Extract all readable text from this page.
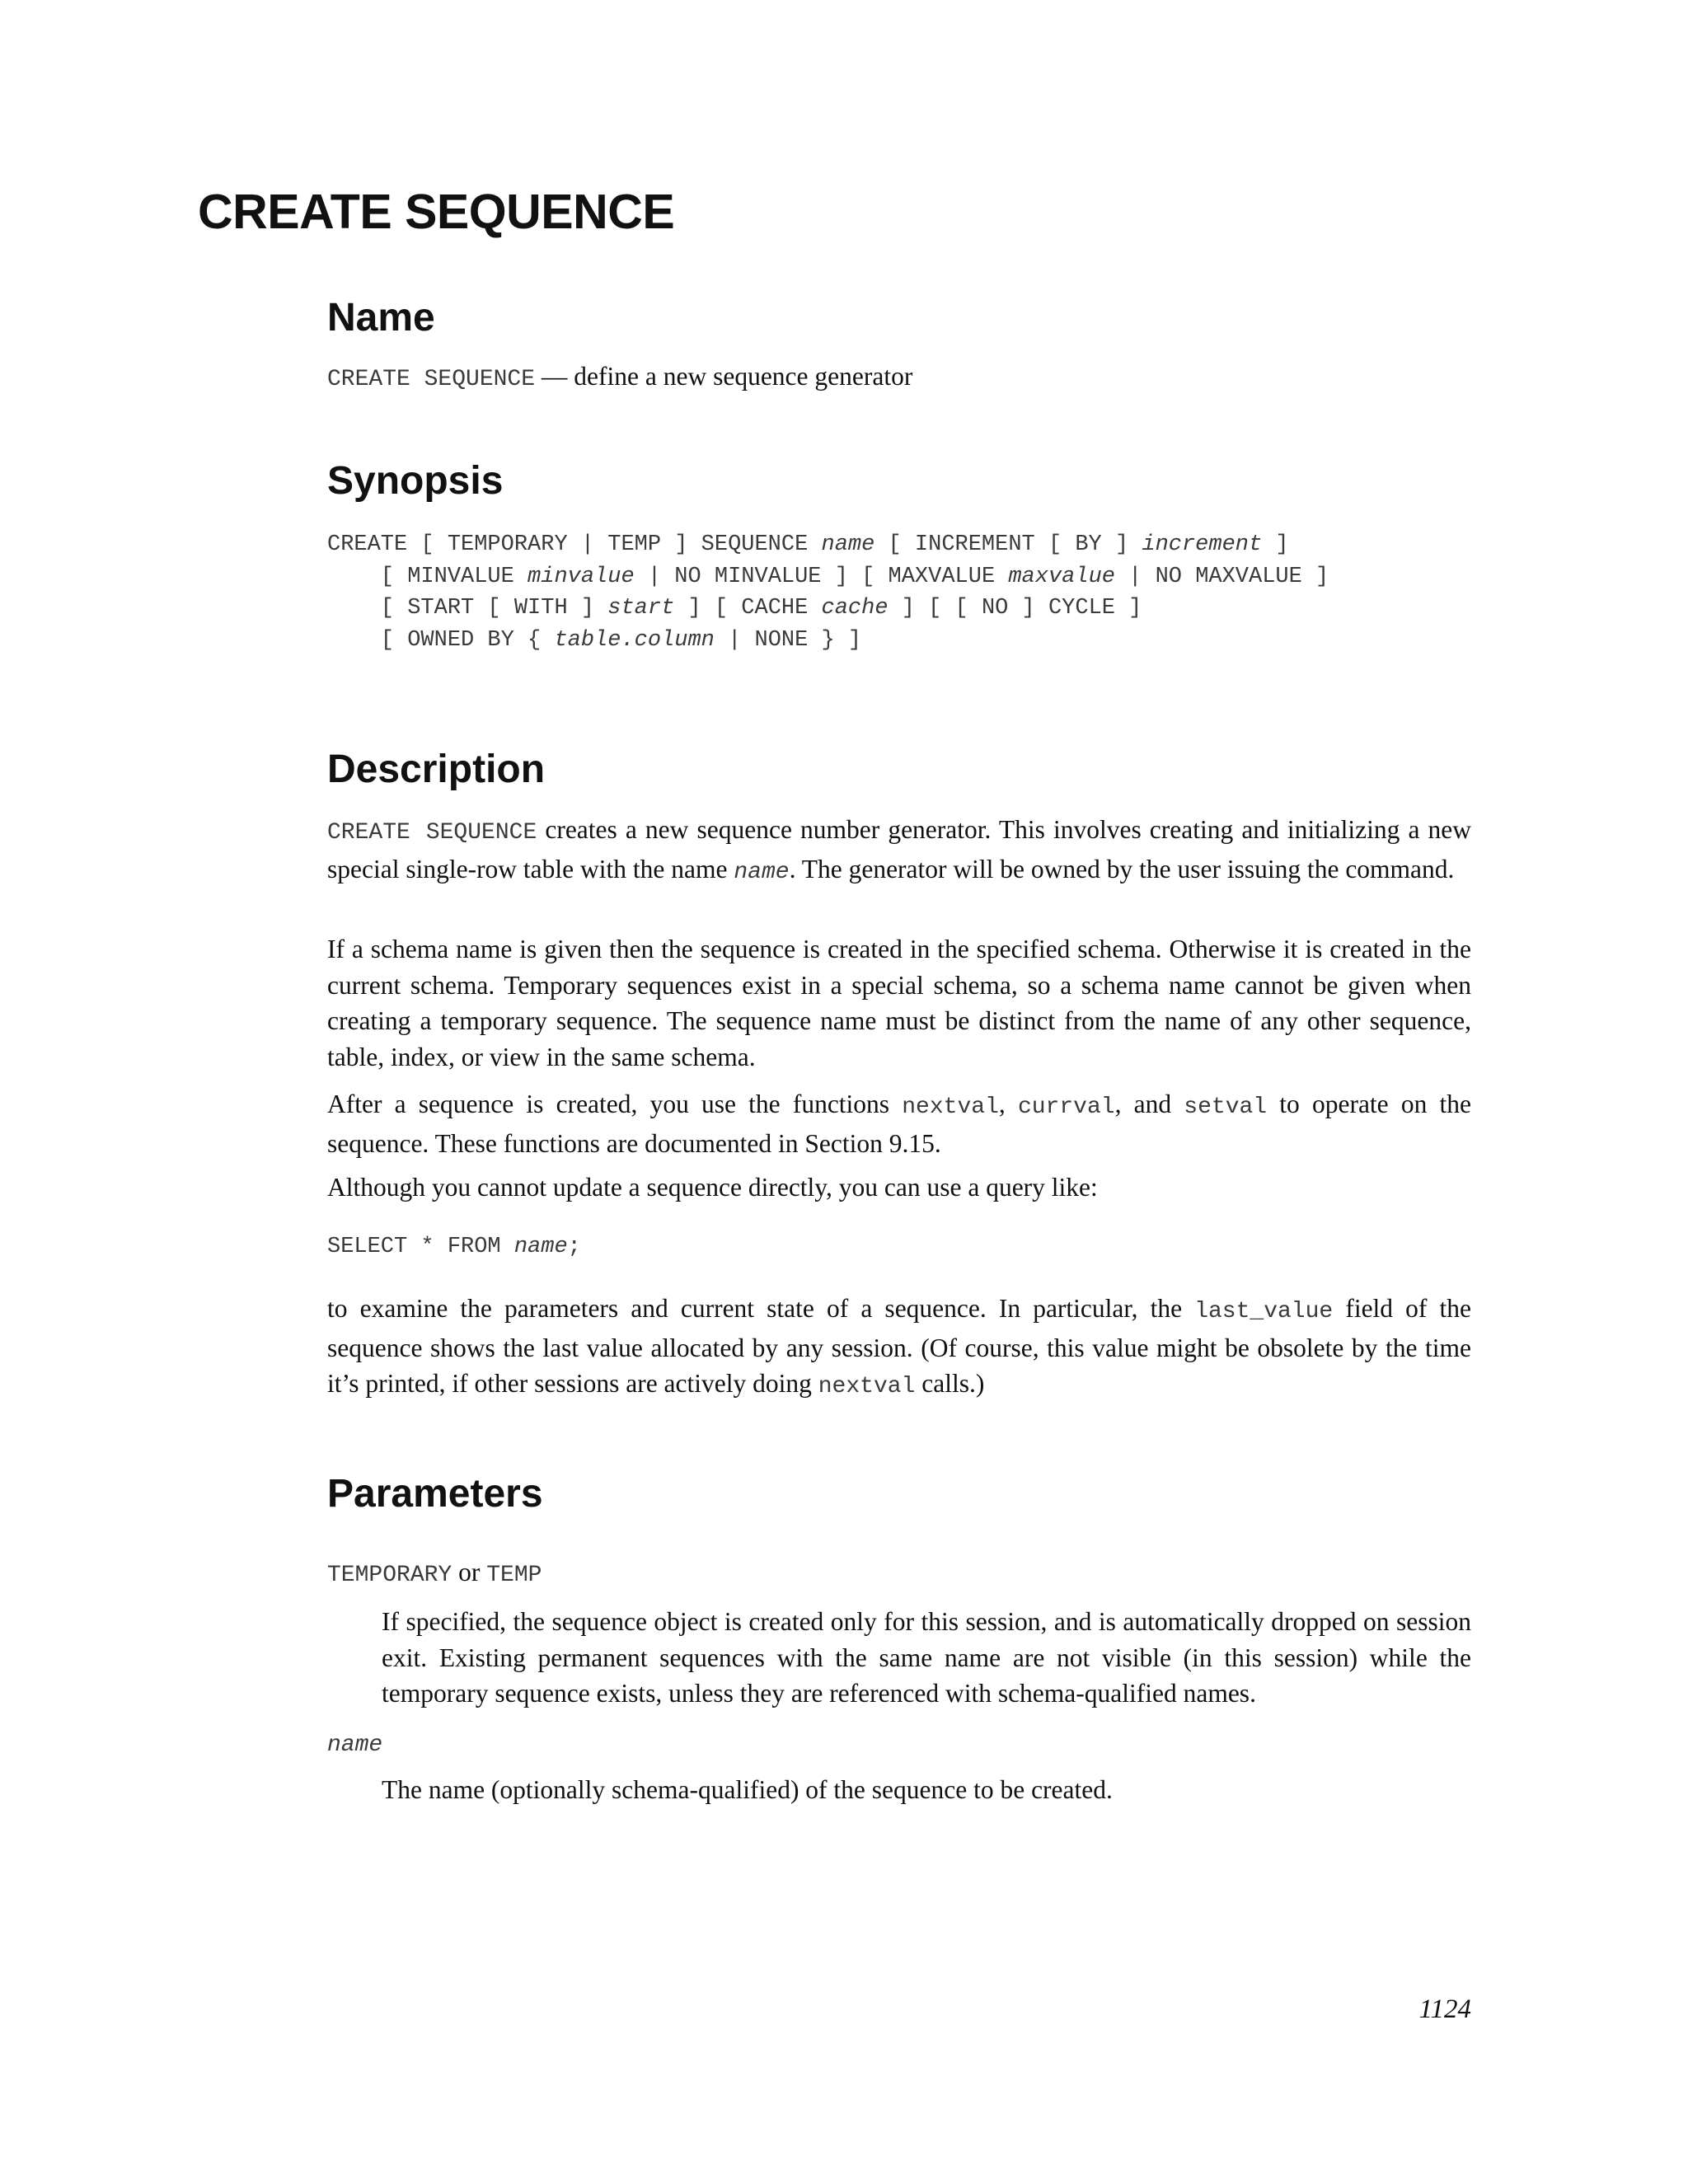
CREATE SEQUENCE
Name

CREATE SEQUENCE — define a new sequence generator

Synopsis
CREATE [ TEMPORARY | TEMP ] SEQUENCE name [ INCREMENT [ BY ] increment ]
[ MINVALUE minvalue | NO MINVALUE ] [ MAXVALUE maxvalue | NO MAXVALUE ]
[ START [ WITH ] start ] [ CACHE cache ] [ [ NO ] CYCLE ]
[ OWNED BY { table.column | NONE } ]
Description

CREATE SEQUENCE creates a new sequence number generator. This involves creating and initializing a new special single-row table with the name name. The generator will be owned by the user issuing the command.

If a schema name is given then the sequence is created in the specified schema. Otherwise it is created in the current schema. Temporary sequences exist in a special schema, so a schema name cannot be given when creating a temporary sequence. The sequence name must be distinct from the name of any other sequence, table, index, or view in the same schema.

After a sequence is created, you use the functions nextval, currval, and setval to operate on the sequence. These functions are documented in Section 9.15.

Although you cannot update a sequence directly, you can use a query like:

SELECT * FROM name;

to examine the parameters and current state of a sequence. In particular, the last_value field of the sequence shows the last value allocated by any session. (Of course, this value might be obsolete by the time it’s printed, if other sessions are actively doing nextval calls.)

Parameters

TEMPORARY or TEMP

If specified, the sequence object is created only for this session, and is automatically dropped on session exit. Existing permanent sequences with the same name are not visible (in this session) while the temporary sequence exists, unless they are referenced with schema-qualified names.

name

The name (optionally schema-qualified) of the sequence to be created.

1124
